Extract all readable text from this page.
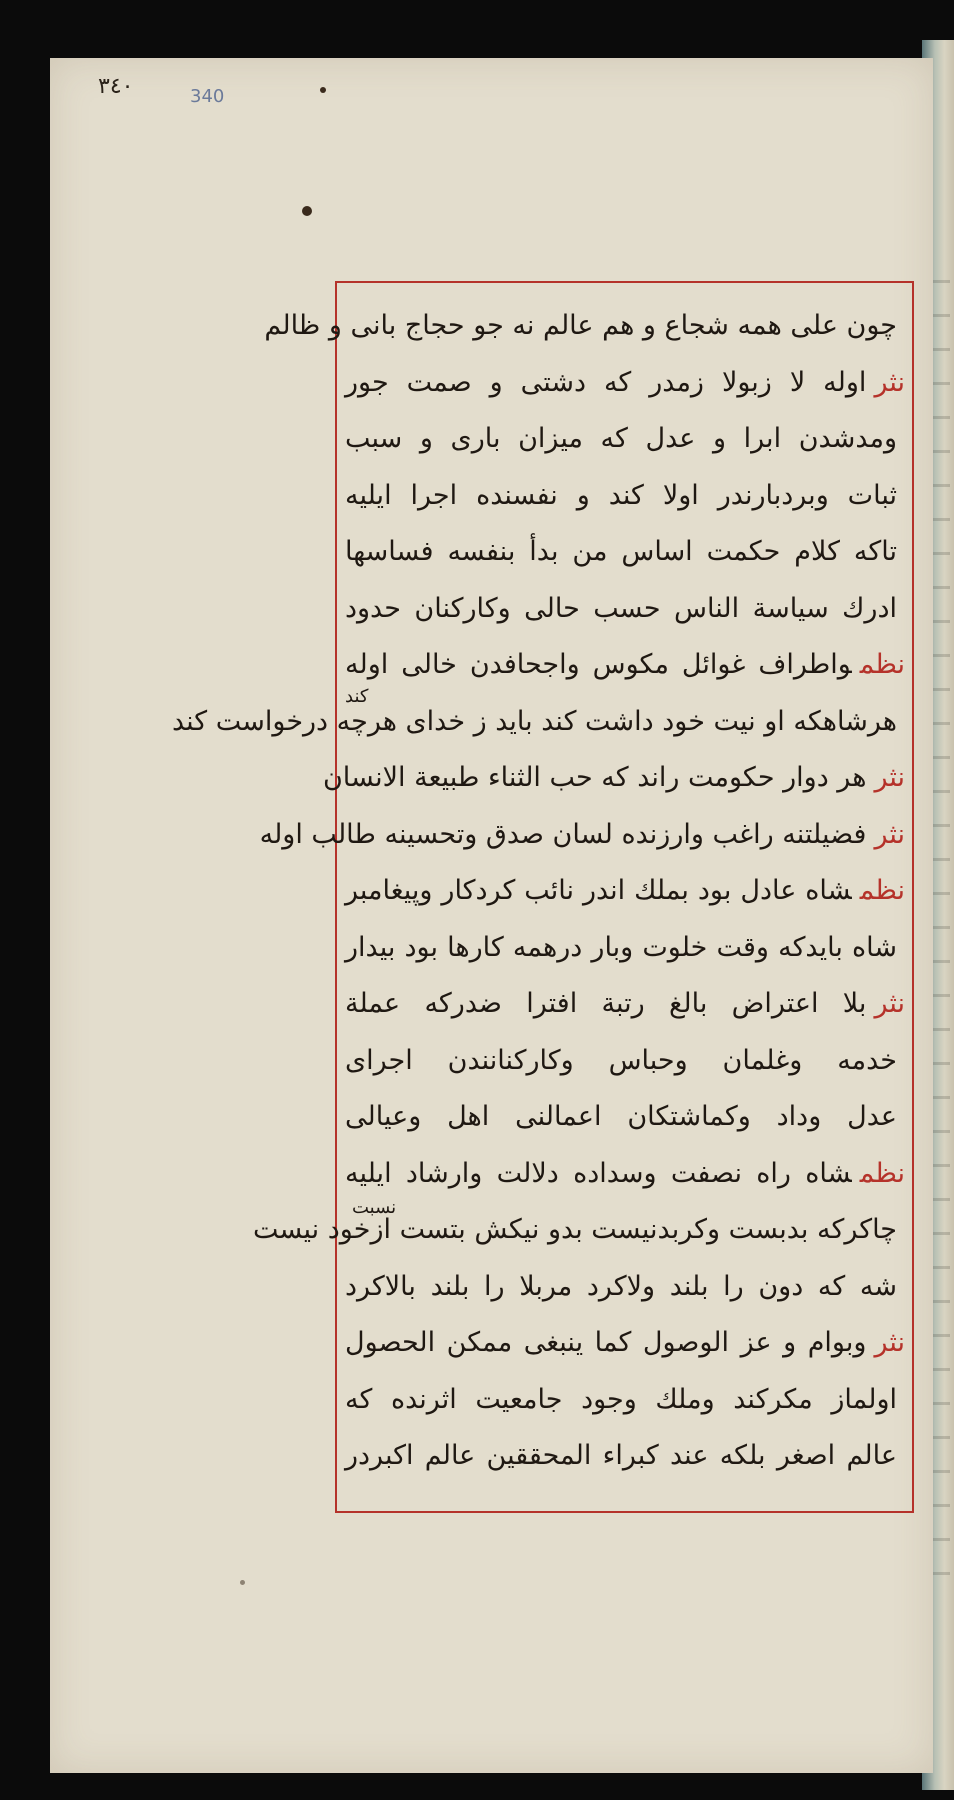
٣٤٠	340
چون علی همه شجاع و هم عالم نه جو حجاج بانی و ظالم
نثراوله لا زبولا زمدر که دشتی و صمت جور
ومدشدن ابرا و عدل که میزان باری و سبب
ثبات وبردبارندر اولا کند و نفسنده اجرا ایلیه
تاکه کلام حکمت اساس من بدأ بنفسه فساسها
ادرك سياسة الناس حسب حالی وکارکنان حدود
نظمواطراف غوائل مکوس واجحافدن خالی اوله
هرشاهکه او نیت خود داشت کند باید ز خدای هرچه درخواست کند
نثرهر دوار حکومت راند که حب الثناء طبیعة الانسان
نثرفضیلتنه راغب وارزنده لسان صدق وتحسینه طالب اوله
نظمشاه عادل بود بملك اندر نائب کردکار وپیغامبر
شاه بایدکه وقت خلوت وبار درهمه کارها بود بیدار
نثربلا اعتراض بالغ رتبة افترا ضدرکه عملة
خدمه وغلمان وحباس وکارکنانندن اجرای
عدل وداد وکماشتکان اعمالنی اهل وعیالی
نظمشاه راه نصفت وسداده دلالت وارشاد ایلیه
چاکرکه بدبست وکربدنیست بدو نیکش بتست ازخود نیست
شه که دون را بلند ولاکرد مربلا را بلند بالاکرد
نثروبوام و عز الوصول کما ینبغی ممکن الحصول
اولماز مکرکند وملك وجود جامعیت اثرنده که
عالم اصغر بلکه عند کبراء المحققین عالم اکبردر
کند
نسبت
